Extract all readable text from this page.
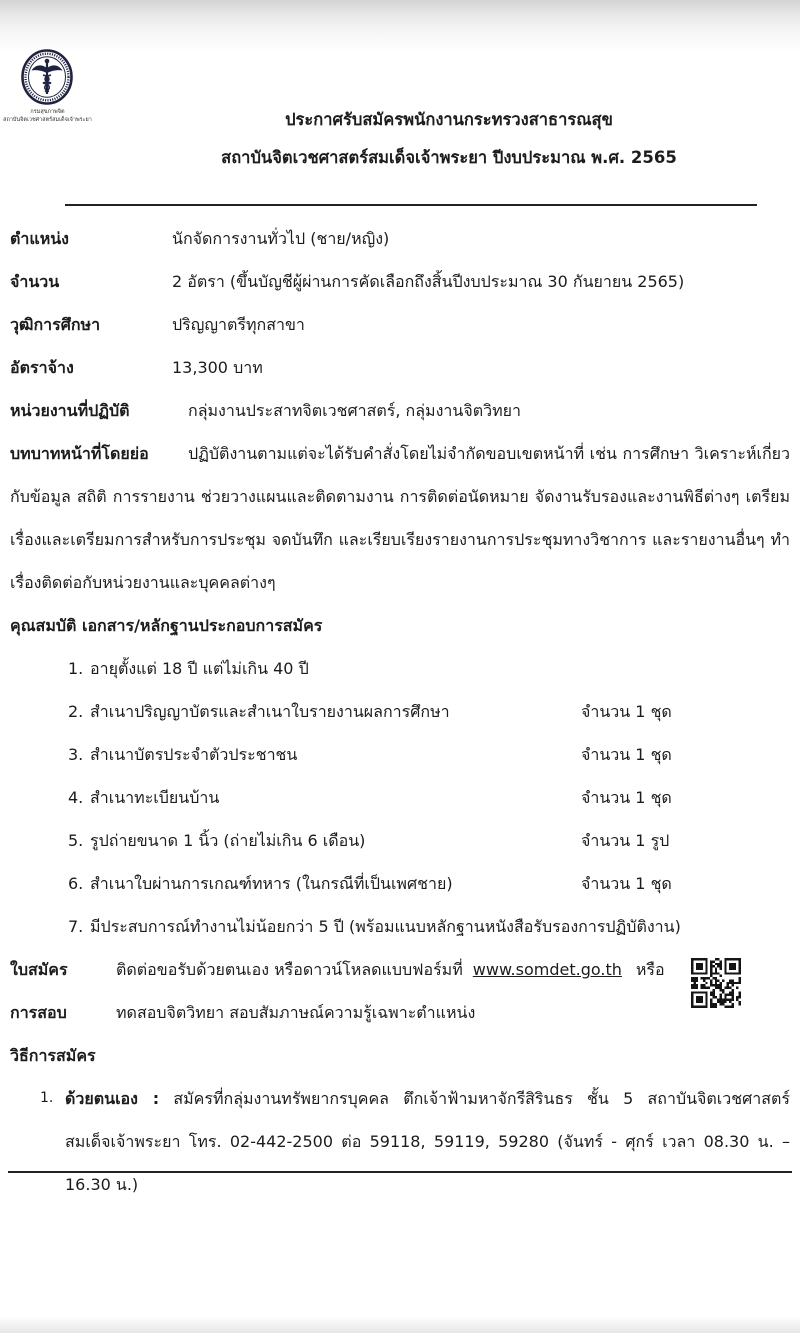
กรมสุขภาพจิต
สถาบันจิตเวชศาสตร์สมเด็จเจ้าพระยา	ประกาศรับสมัครพนักงานกระทรวงสาธารณสุข
สถาบันจิตเวชศาสตร์สมเด็จเจ้าพระยา ปีงบประมาณ พ.ศ. 2565
ตำแหน่ง	นักจัดการงานทั่วไป (ชาย/หญิง)
จำนวน	2 อัตรา (ขึ้นบัญชีผู้ผ่านการคัดเลือกถึงสิ้นปีงบประมาณ 30 กันยายน 2565)
วุฒิการศึกษา	ปริญญาตรีทุกสาขา
อัตราจ้าง	13,300 บาท
หน่วยงานที่ปฏิบัติ	กลุ่มงานประสาทจิตเวชศาสตร์, กลุ่มงานจิตวิทยา

บทบาทหน้าที่โดยย่อ ปฏิบัติงานตามแต่จะได้รับคำสั่งโดยไม่จำกัดขอบเขตหน้าที่ เช่น การศึกษา วิเคราะห์เกี่ยวกับข้อมูล สถิติ การรายงาน ช่วยวางแผนและติดตามงาน การติดต่อนัดหมาย จัดงานรับรองและงานพิธีต่างๆ เตรียมเรื่องและเตรียมการสำหรับการประชุม จดบันทึก และเรียบเรียงรายงานการประชุมทางวิชาการ และรายงานอื่นๆ ทำเรื่องติดต่อกับหน่วยงานและบุคคลต่างๆ

คุณสมบัติ เอกสาร/หลักฐานประกอบการสมัคร
1. อายุตั้งแต่ 18 ปี แต่ไม่เกิน 40 ปี
2. สำเนาปริญญาบัตรและสำเนาใบรายงานผลการศึกษา	จำนวน 1 ชุด
3. สำเนาบัตรประจำตัวประชาชน	จำนวน 1 ชุด
4. สำเนาทะเบียนบ้าน	จำนวน 1 ชุด
5. รูปถ่ายขนาด 1 นิ้ว (ถ่ายไม่เกิน 6 เดือน)	จำนวน 1 รูป
6. สำเนาใบผ่านการเกณฑ์ทหาร (ในกรณีที่เป็นเพศชาย)	จำนวน 1 ชุด
7. มีประสบการณ์ทำงานไม่น้อยกว่า 5 ปี (พร้อมแนบหลักฐานหนังสือรับรองการปฏิบัติงาน)
ใบสมัคร	ติดต่อขอรับด้วยตนเอง หรือดาวน์โหลดแบบฟอร์มที่ www.somdet.go.th หรือ
การสอบ	ทดสอบจิตวิทยา สอบสัมภาษณ์ความรู้เฉพาะตำแหน่ง
วิธีการสมัคร
1. ด้วยตนเอง : สมัครที่กลุ่มงานทรัพยากรบุคคล ตึกเจ้าฟ้ามหาจักรีสิรินธร ชั้น 5 สถาบันจิตเวชศาสตร์สมเด็จเจ้าพระยา โทร. 02-442-2500 ต่อ 59118, 59119, 59280 (จันทร์ - ศุกร์ เวลา 08.30 น. – 16.30 น.)
